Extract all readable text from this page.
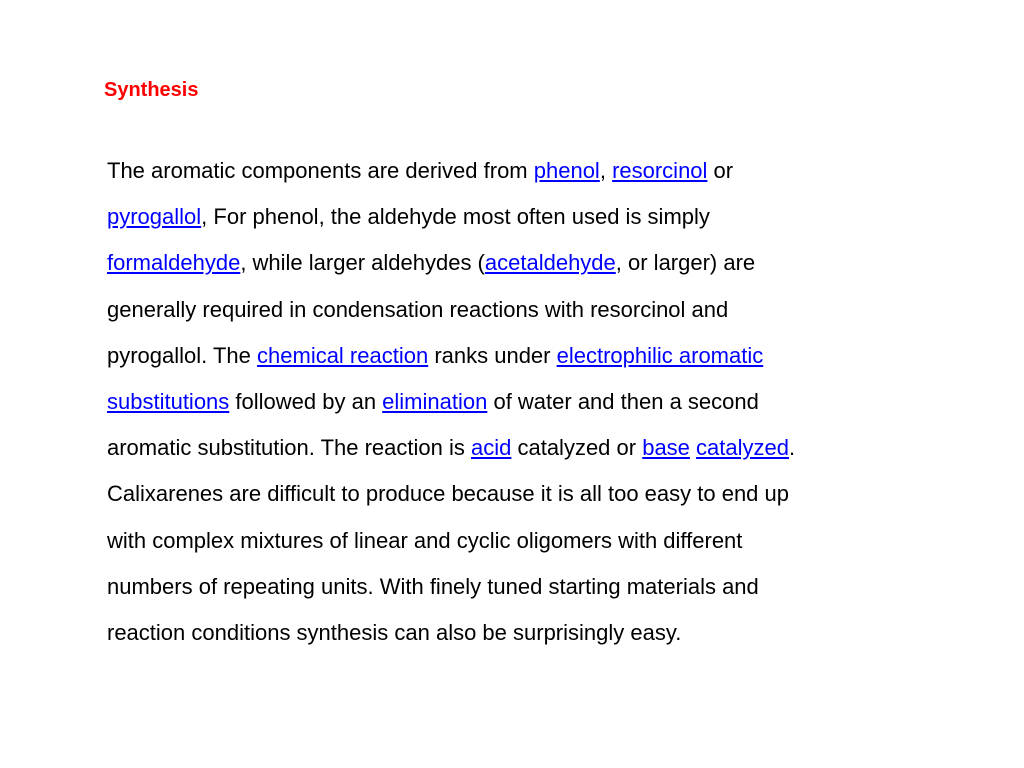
Synthesis
The aromatic components are derived from phenol, resorcinol or
pyrogallol, For phenol, the aldehyde most often used is simply
formaldehyde, while larger aldehydes (acetaldehyde, or larger) are
generally required in condensation reactions with resorcinol and
pyrogallol. The chemical reaction ranks under electrophilic aromatic
substitutions followed by an elimination of water and then a second
aromatic substitution. The reaction is acid catalyzed or base catalyzed.
Calixarenes are difficult to produce because it is all too easy to end up
with complex mixtures of linear and cyclic oligomers with different
numbers of repeating units. With finely tuned starting materials and
reaction conditions synthesis can also be surprisingly easy.
